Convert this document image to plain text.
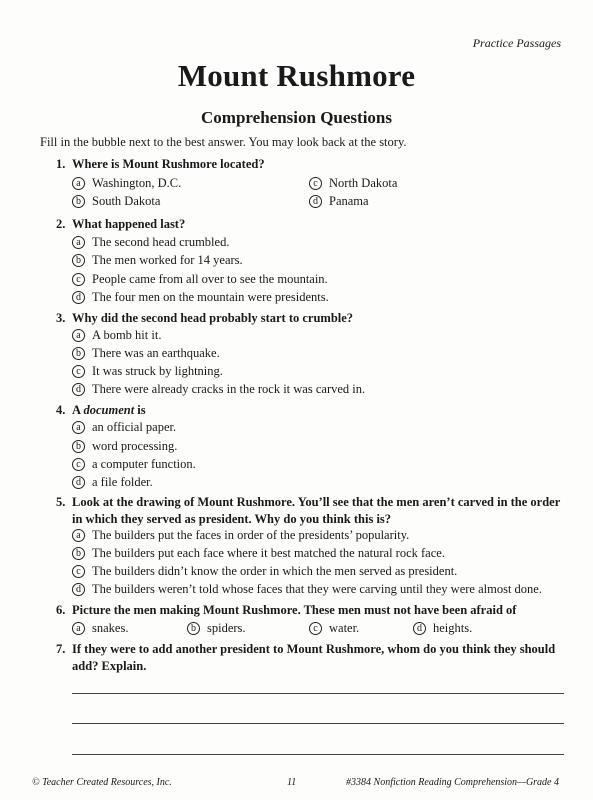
Practice Passages
Mount Rushmore
Comprehension Questions
Fill in the bubble next to the best answer. You may look back at the story.
1. Where is Mount Rushmore located?
a Washington, D.C.
b South Dakota
c North Dakota
d Panama
2. What happened last?
a The second head crumbled.
b The men worked for 14 years.
c People came from all over to see the mountain.
d The four men on the mountain were presidents.
3. Why did the second head probably start to crumble?
a A bomb hit it.
b There was an earthquake.
c It was struck by lightning.
d There were already cracks in the rock it was carved in.
4. A document is
a an official paper.
b word processing.
c a computer function.
d a file folder.
5. Look at the drawing of Mount Rushmore. You’ll see that the men aren’t carved in the order
in which they served as president. Why do you think this is?
a The builders put the faces in order of the presidents’ popularity.
b The builders put each face where it best matched the natural rock face.
c The builders didn’t know the order in which the men served as president.
d The builders weren’t told whose faces that they were carving until they were almost done.
6. Picture the men making Mount Rushmore. These men must not have been afraid of
a snakes.	b spiders.	c water.	d heights.
7. If they were to add another president to Mount Rushmore, whom do you think they should
add? Explain.
© Teacher Created Resources, Inc.	11	#3384 Nonfiction Reading Comprehension—Grade 4
